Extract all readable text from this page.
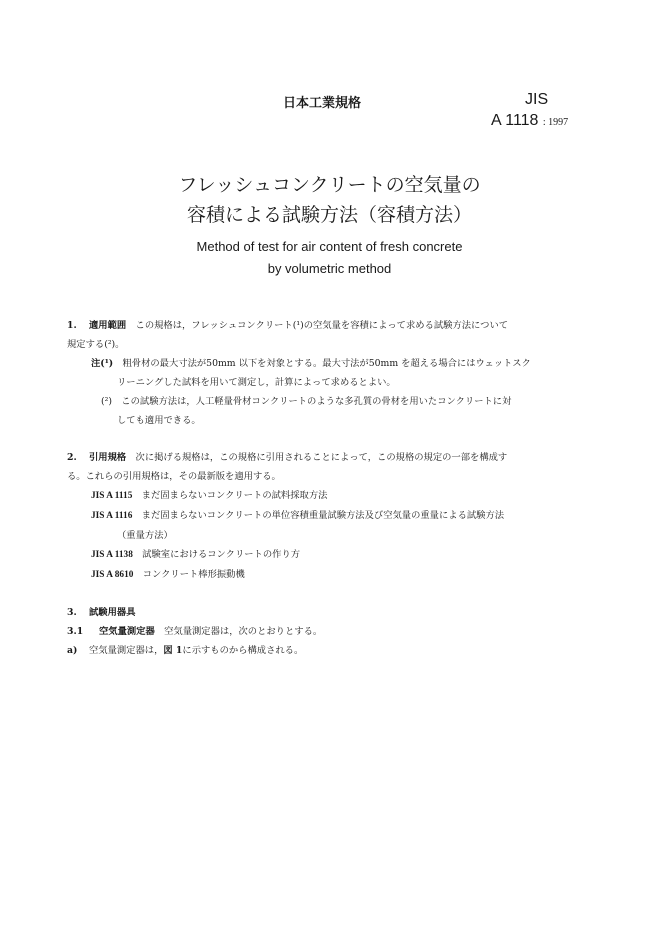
日本工業規格	JIS
A 1118 : 1997
フレッシュコンクリートの空気量の
容積による試験方法（容積方法）
Method of test for air content of fresh concrete
by volumetric method
1. 適用範囲　 この規格は，フレッシュコンクリート(¹)の空気量を容積によって求める試験方法について
規定する(²)。
注(¹)　 粗骨材の最大寸法が50mm 以下を対象とする。最大寸法が50mm を超える場合にはウェットスク
リーニングした試料を用いて測定し，計算によって求めるとよい。
(²)　 この試験方法は，人工軽量骨材コンクリートのような多孔質の骨材を用いたコンクリートに対
しても適用できる。
2. 引用規格　 次に掲げる規格は，この規格に引用されることによって，この規格の規定の一部を構成す
る。これらの引用規格は，その最新版を適用する。
JIS A 1115　 まだ固まらないコンクリートの試料採取方法
JIS A 1116　 まだ固まらないコンクリートの単位容積重量試験方法及び空気量の重量による試験方法
（重量方法）
JIS A 1138　 試験室におけるコンクリートの作り方
JIS A 8610　 コンクリート棒形振動機
3. 試験用器具
3.1 空気量測定器　 空気量測定器は，次のとおりとする。
a) 空気量測定器は，図 1に示すものから構成される。
